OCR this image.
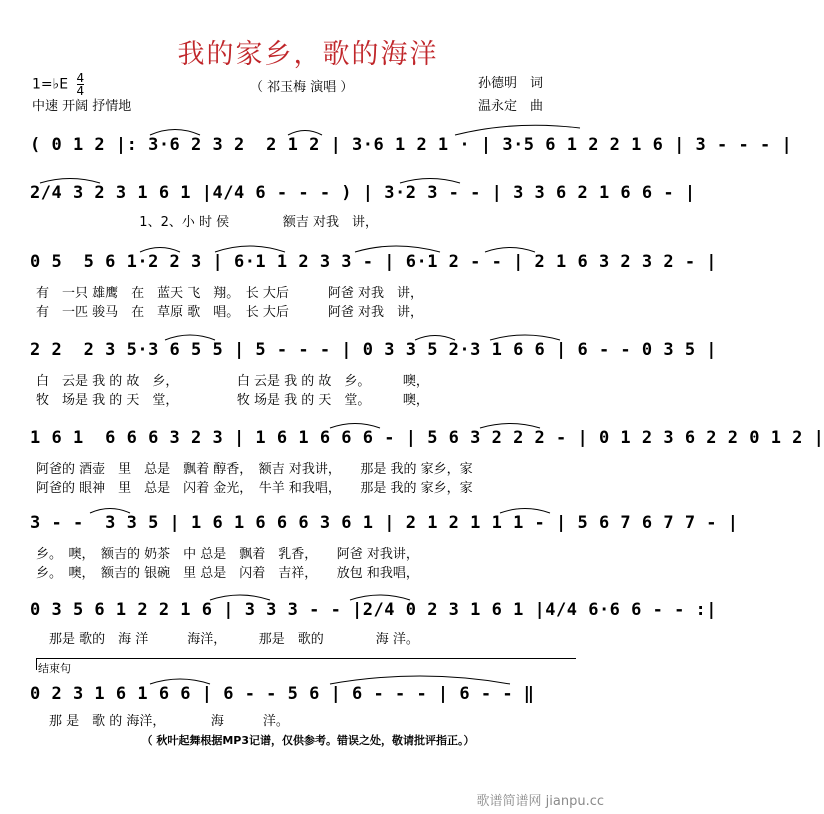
我的家乡，歌的海洋
1=♭E $\frac{4}{4}$
中速 开阔 抒情地
（ 祁玉梅 演唱 ）	孙德明　词
温永定　曲
( 0 1 2 |: 3·6 2 3 2  2 1 2 | 3·6 1 2 1 · | 3·5 6 1 2 2 1 6 | 3 - - - |
2/4 3 2 3 1 6 1 |4/4 6 - - - ) | 3·2 3 - - | 3 3 6 2 1 6 6 - |
1、2、小 时 侯             额吉 对我　讲，
0 5  5 6 1·2 2 3 | 6·1 1 2 3 3 - | 6·1 2 - - | 2 1 6 3 2 3 2 - |
有　一只 雄鹰　在　蓝天 飞　翔。　长 大后　　　阿爸 对我　讲，
有　一匹 骏马　在　草原 歌　唱。　长 大后　　　阿爸 对我　讲，
2 2  2 3 5·3 6 5 5 | 5 - - - | 0 3 3 5 2·3 1 6 6 | 6 - - 0 3 5 |
白　云是 我 的 故　乡，　　　　　白 云是 我 的 故　乡。　　　噢，
牧　场是 我 的 天　堂，　　　　　牧 场是 我 的 天　堂。　　　噢，
1 6 1  6 6 6 3 2 3 | 1 6 1 6 6 6 - | 5 6 3 2 2 2 - | 0 1 2 3 6 2 2 0 1 2 |
阿爸的 酒壶　里　总是　飘着 醇香，　额吉 对我讲，　　那是 我的 家乡，家
阿爸的 眼神　里　总是　闪着 金光，　牛羊 和我唱，　　那是 我的 家乡，家
3 - -  3 3 5 | 1 6 1 6 6 6 3 6 1 | 2 1 2 1 1 1 - | 5 6 7 6 7 7 - |
乡。　噢，　额吉的 奶茶　中 总是　飘着　乳香，　　阿爸 对我讲，
乡。　噢，　额吉的 银碗　里 总是　闪着　吉祥，　　放包 和我唱，
0 3 5 6 1 2 2 1 6 | 3 3 3 - - |2/4 0 2 3 1 6 1 |4/4 6·6 6 - - :|
　那是 歌的　海 洋　　　海洋，　　　那是　歌的　　　　海 洋。
结束句
0 2 3 1 6 1 6 6 | 6 - - 5 6 | 6 - - - | 6 - - ‖
　那 是　歌 的 海洋，　　　　海　　　洋。
（ 秋叶起舞根据MP3记谱，仅供参考。错误之处，敬请批评指正。）
歌谱简谱网 jianpu.cc
